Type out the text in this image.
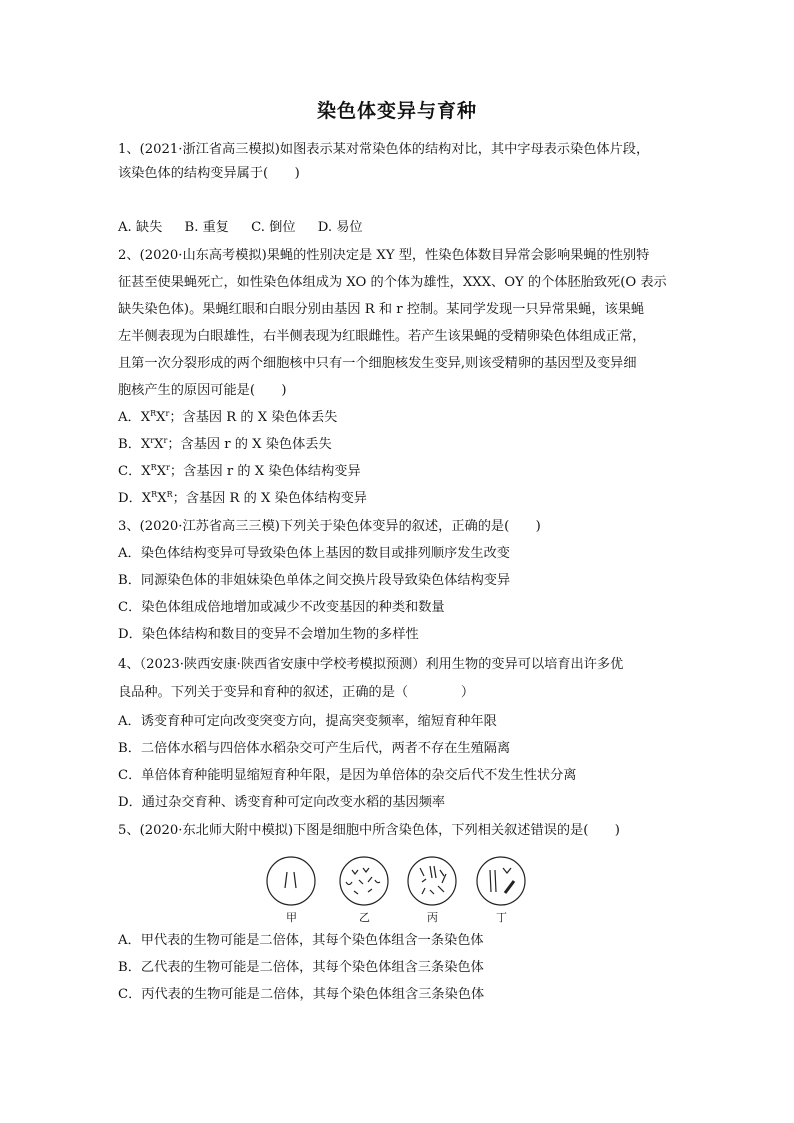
染色体变异与育种
1、(2021·浙江省高三模拟)如图表示某对常染色体的结构对比，其中字母表示染色体片段，
该染色体的结构变异属于(　　)
A. 缺失 B. 重复 C. 倒位 D. 易位
2、(2020·山东高考模拟)果蝇的性别决定是 XY 型，性染色体数目异常会影响果蝇的性别特
征甚至使果蝇死亡，如性染色体组成为 XO 的个体为雄性，XXX、OY 的个体胚胎致死(O 表示
缺失染色体)。果蝇红眼和白眼分别由基因 R 和 r 控制。某同学发现一只异常果蝇，该果蝇
左半侧表现为白眼雄性，右半侧表现为红眼雌性。若产生该果蝇的受精卵染色体组成正常，
且第一次分裂形成的两个细胞核中只有一个细胞核发生变异,则该受精卵的基因型及变异细
胞核产生的原因可能是(　　)
A．$X^RX^r$；含基因 R 的 X 染色体丢失
B．$X^rX^r$；含基因 r 的 X 染色体丢失
C．$X^RX^r$；含基因 r 的 X 染色体结构变异
D．$X^RX^R$；含基因 R 的 X 染色体结构变异
3、(2020·江苏省高三三模)下列关于染色体变异的叙述，正确的是(　　)
A．染色体结构变异可导致染色体上基因的数目或排列顺序发生改变
B．同源染色体的非姐妹染色单体之间交换片段导致染色体结构变异
C．染色体组成倍地增加或减少不改变基因的种类和数量
D．染色体结构和数目的变异不会增加生物的多样性
4、（2023·陕西安康·陕西省安康中学校考模拟预测）利用生物的变异可以培育出许多优
良品种。下列关于变异和育种的叙述，正确的是（　　　　）
A．诱变育种可定向改变突变方向，提高突变频率，缩短育种年限
B．二倍体水稻与四倍体水稻杂交可产生后代，两者不存在生殖隔离
C．单倍体育种能明显缩短育种年限，是因为单倍体的杂交后代不发生性状分离
D．通过杂交育种、诱变育种可定向改变水稻的基因频率
5、(2020·东北师大附中模拟)下图是细胞中所含染色体，下列相关叙述错误的是(　　)
甲	乙	丙	丁
A．甲代表的生物可能是二倍体，其每个染色体组含一条染色体
B．乙代表的生物可能是二倍体，其每个染色体组含三条染色体
C．丙代表的生物可能是二倍体，其每个染色体组含三条染色体
